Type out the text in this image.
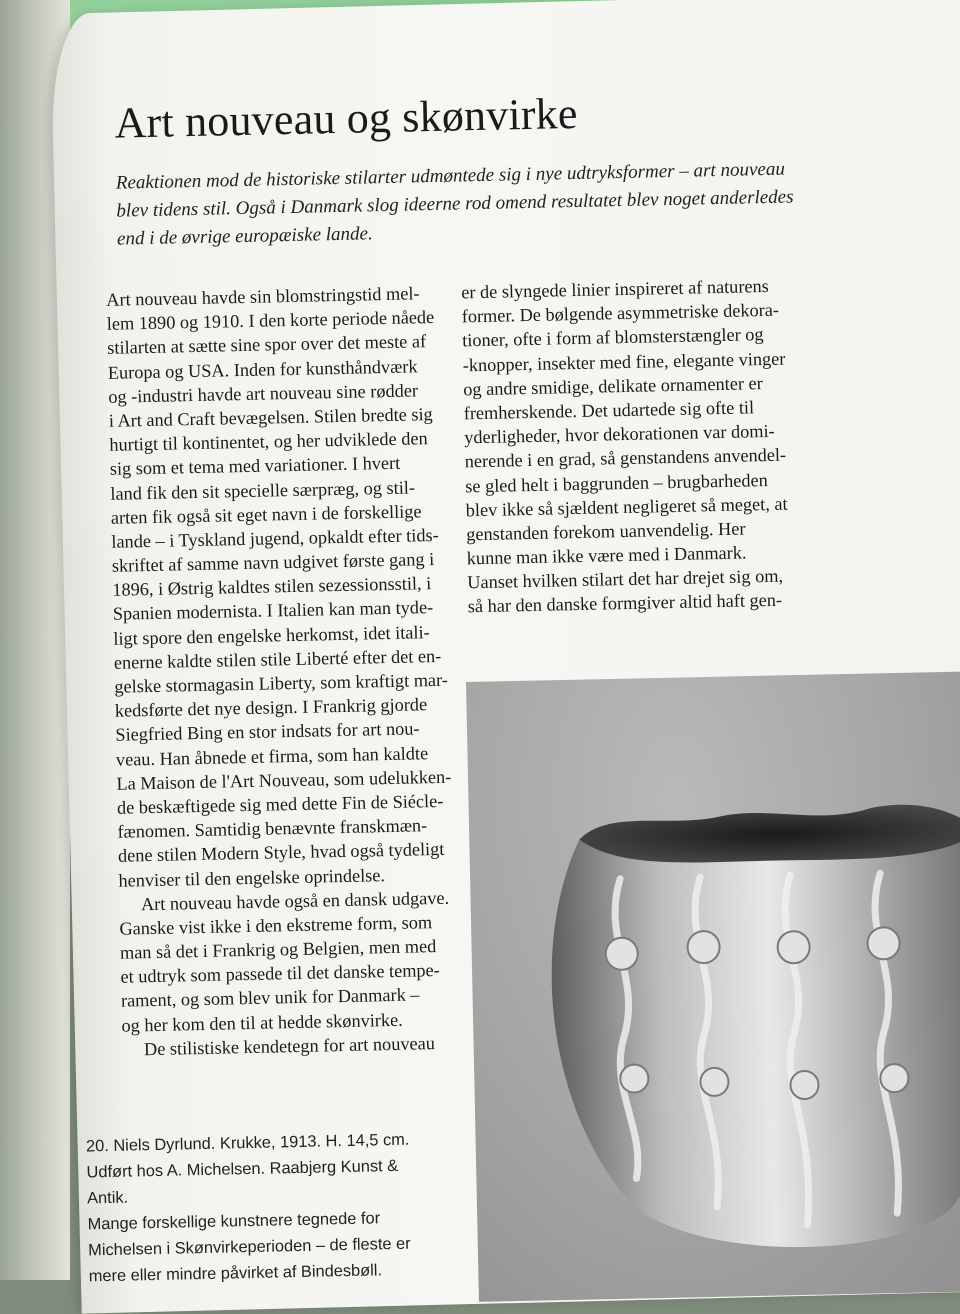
Art nouveau og skønvirke

Reaktionen mod de historiske stilarter udmøntede sig i nye udtryksformer – art nouveau blev tidens stil. Også i Danmark slog ideerne rod omend resultatet blev noget anderledes end i de øvrige europæiske lande.

Art nouveau havde sin blomstringstid mel-
lem 1890 og 1910. I den korte periode nåede
stilarten at sætte sine spor over det meste af
Europa og USA. Inden for kunsthåndværk
og -industri havde art nouveau sine rødder
i Art and Craft bevægelsen. Stilen bredte sig
hurtigt til kontinentet, og her udviklede den
sig som et tema med variationer. I hvert
land fik den sit specielle særpræg, og stil-
arten fik også sit eget navn i de forskellige
lande – i Tyskland jugend, opkaldt efter tids-
skriftet af samme navn udgivet første gang i
1896, i Østrig kaldtes stilen sezessionsstil, i
Spanien modernista. I Italien kan man tyde-
ligt spore den engelske herkomst, idet itali-
enerne kaldte stilen stile Liberté efter det en-
gelske stormagasin Liberty, som kraftigt mar-
kedsførte det nye design. I Frankrig gjorde
Siegfried Bing en stor indsats for art nou-
veau. Han åbnede et firma, som han kaldte
La Maison de l'Art Nouveau, som udelukken-
de beskæftigede sig med dette Fin de Siécle-
fænomen. Samtidig benævnte franskmæn-
dene stilen Modern Style, hvad også tydeligt
henviser til den engelske oprindelse.
Art nouveau havde også en dansk udgave.
Ganske vist ikke i den ekstreme form, som
man så det i Frankrig og Belgien, men med
et udtryk som passede til det danske tempe-
rament, og som blev unik for Danmark –
og her kom den til at hedde skønvirke.
De stilistiske kendetegn for art nouveau
er de slyngede linier inspireret af naturens
former. De bølgende asymmetriske dekora-
tioner, ofte i form af blomsterstængler og
-knopper, insekter med fine, elegante vinger
og andre smidige, delikate ornamenter er
fremherskende. Det udartede sig ofte til
yderligheder, hvor dekorationen var domi-
nerende i en grad, så genstandens anvendel-
se gled helt i baggrunden – brugbarheden
blev ikke så sjældent negligeret så meget, at
genstanden forekom uanvendelig. Her
kunne man ikke være med i Danmark.
Uanset hvilken stilart det har drejet sig om,
så har den danske formgiver altid haft gen-
20. Niels Dyrlund. Krukke, 1913. H. 14,5 cm.
Udført hos A. Michelsen. Raabjerg Kunst &
Antik.
Mange forskellige kunstnere tegnede for
Michelsen i Skønvirkeperioden – de fleste er
mere eller mindre påvirket af Bindesbøll.
